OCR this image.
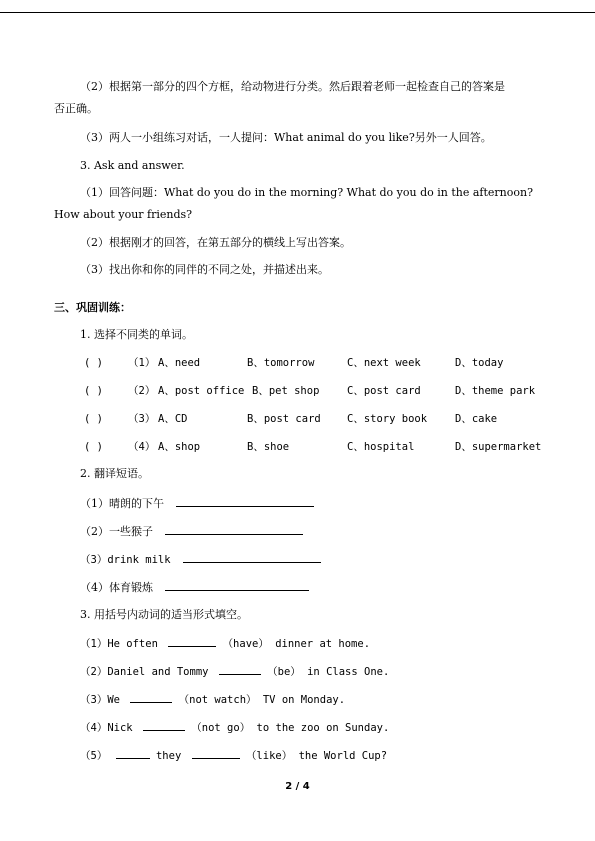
（2）根据第一部分的四个方框，给动物进行分类。然后跟着老师一起检查自己的答案是
否正确。
（3）两人一小组练习对话，一人提问：What animal do you like?另外一人回答。
3. Ask and answer.
（1）回答问题：What do you do in the morning? What do you do in the afternoon?
How about your friends?
（2）根据刚才的回答，在第五部分的横线上写出答案。
（3）找出你和你的同伴的不同之处，并描述出来。
三、巩固训练：
1. 选择不同类的单词。
( ) （1） A、need	B、tomorrow	C、next week	D、today
( ) （2） A、post office B、pet shop	C、post card	D、theme park
( ) （3） A、CD	B、post card	C、story book	D、cake
( ) （4） A、shop	B、shoe	C、hospital	D、supermarket
2. 翻译短语。
（1）晴朗的下午
（2）一些猴子
（3）drink milk
（4）体育锻炼
3. 用括号内动词的适当形式填空。
（1）He often	（have） dinner at home.
（2）Daniel and Tommy	（be） in Class One.
（3）We	（not watch） TV on Monday.
（4）Nick	（not go） to the zoo on Sunday.
（5）	they	（like） the World Cup?
2 / 4
